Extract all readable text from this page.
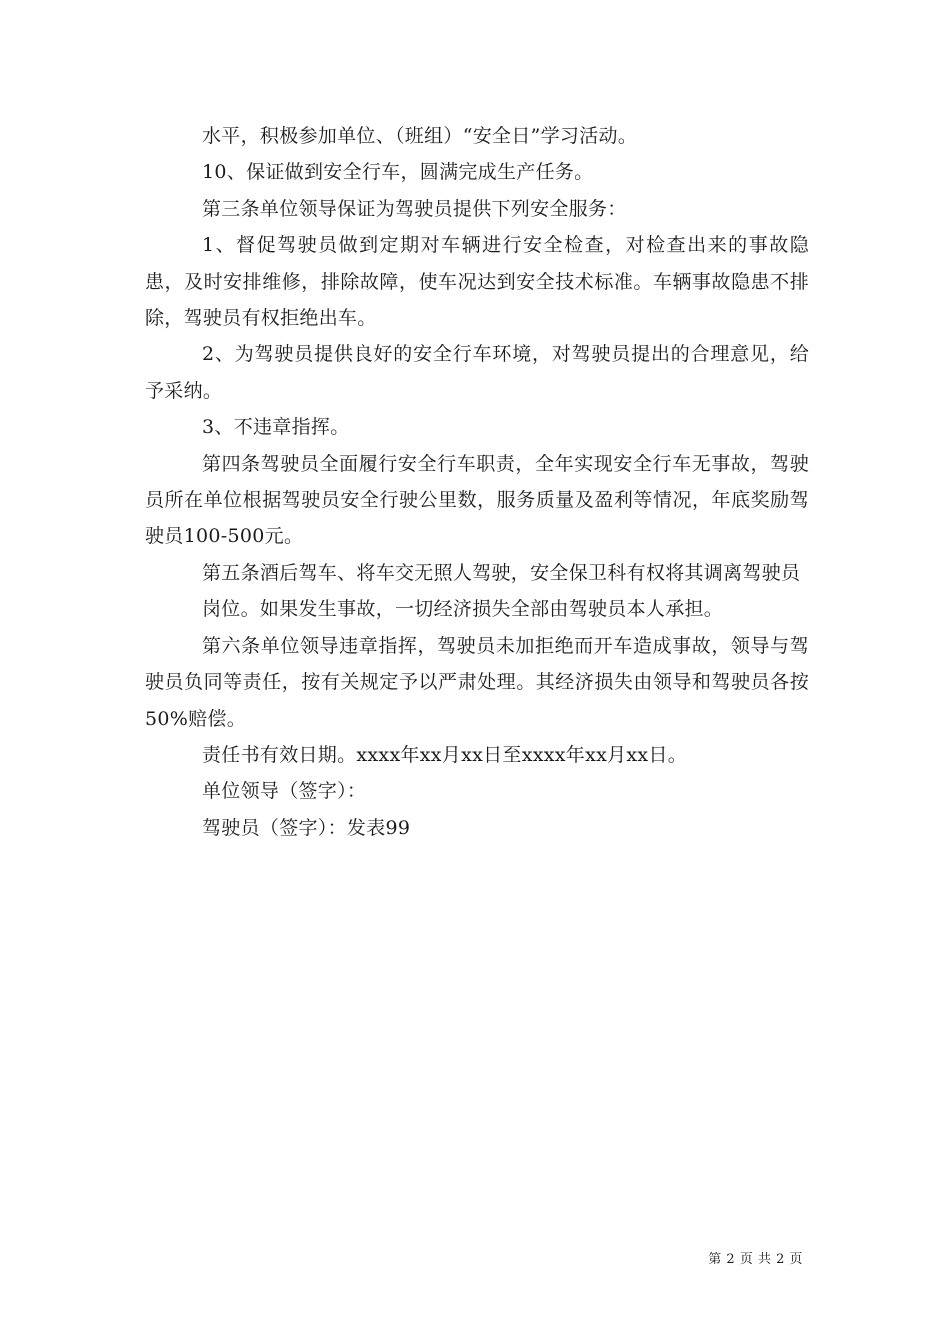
水平，积极参加单位、（班组）“安全日”学习活动。

10、保证做到安全行车，圆满完成生产任务。

第三条单位领导保证为驾驶员提供下列安全服务：

1、督促驾驶员做到定期对车辆进行安全检查，对检查出来的事故隐患，及时安排维修，排除故障，使车况达到安全技术标准。车辆事故隐患不排除，驾驶员有权拒绝出车。

2、为驾驶员提供良好的安全行车环境，对驾驶员提出的合理意见，给予采纳。

3、不违章指挥。

第四条驾驶员全面履行安全行车职责，全年实现安全行车无事故，驾驶员所在单位根据驾驶员安全行驶公里数，服务质量及盈利等情况，年底奖励驾驶员100-500元。

第五条酒后驾车、将车交无照人驾驶，安全保卫科有权将其调离驾驶员

岗位。如果发生事故，一切经济损失全部由驾驶员本人承担。

第六条单位领导违章指挥，驾驶员未加拒绝而开车造成事故，领导与驾驶员负同等责任，按有关规定予以严肃处理。其经济损失由领导和驾驶员各按50%赔偿。

责任书有效日期。xxxx年xx月xx日至xxxx年xx月xx日。

单位领导（签字）：

驾驶员（签字）：发表99

第 2 页 共 2 页
